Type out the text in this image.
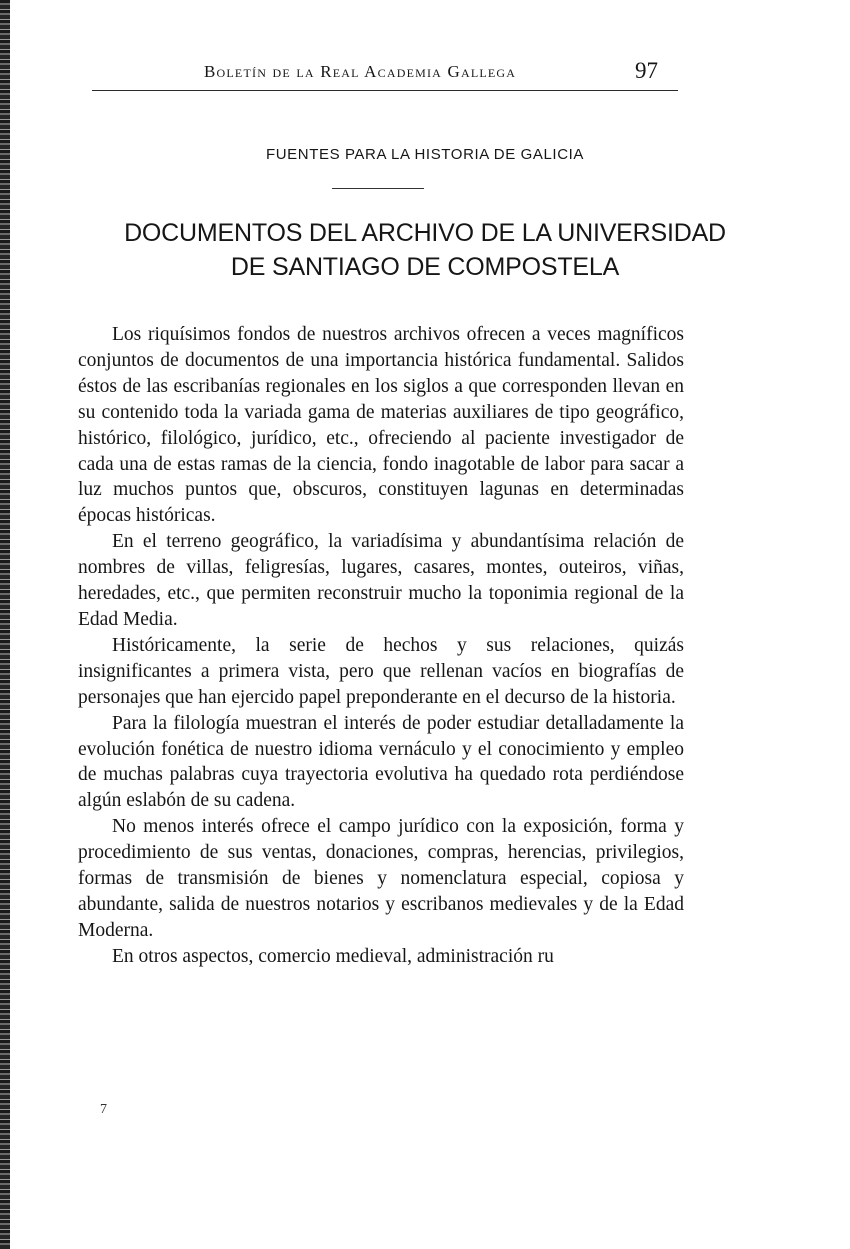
Boletín de la Real Academia Gallega	97
FUENTES PARA LA HISTORIA DE GALICIA
DOCUMENTOS DEL ARCHIVO DE LA UNIVERSIDAD
DE SANTIAGO DE COMPOSTELA

Los riquísimos fondos de nuestros archivos ofrecen a veces magníficos conjuntos de documentos de una importancia histórica fundamental. Salidos éstos de las escribanías regionales en los siglos a que corresponden llevan en su contenido toda la variada gama de materias auxiliares de tipo geográfico, histórico, filológico, jurídico, etc., ofreciendo al paciente investigador de cada una de estas ramas de la ciencia, fondo inagotable de labor para sacar a luz muchos puntos que, obscuros, constituyen lagunas en determinadas épocas históricas.

En el terreno geográfico, la variadísima y abundantísima relación de nombres de villas, feligresías, lugares, casares, montes, outeiros, viñas, heredades, etc., que permiten reconstruir mucho la toponimia regional de la Edad Media.

Históricamente, la serie de hechos y sus relaciones, quizás insignificantes a primera vista, pero que rellenan vacíos en biografías de personajes que han ejercido papel preponderante en el decurso de la historia.

Para la filología muestran el interés de poder estudiar detalladamente la evolución fonética de nuestro idioma vernáculo y el conocimiento y empleo de muchas palabras cuya trayectoria evolutiva ha quedado rota perdiéndose algún eslabón de su cadena.

No menos interés ofrece el campo jurídico con la exposición, forma y procedimiento de sus ventas, donaciones, compras, herencias, privilegios, formas de transmisión de bienes y nomenclatura especial, copiosa y abundante, salida de nuestros notarios y escribanos medievales y de la Edad Moderna.

En otros aspectos, comercio medieval, administración ru

7
